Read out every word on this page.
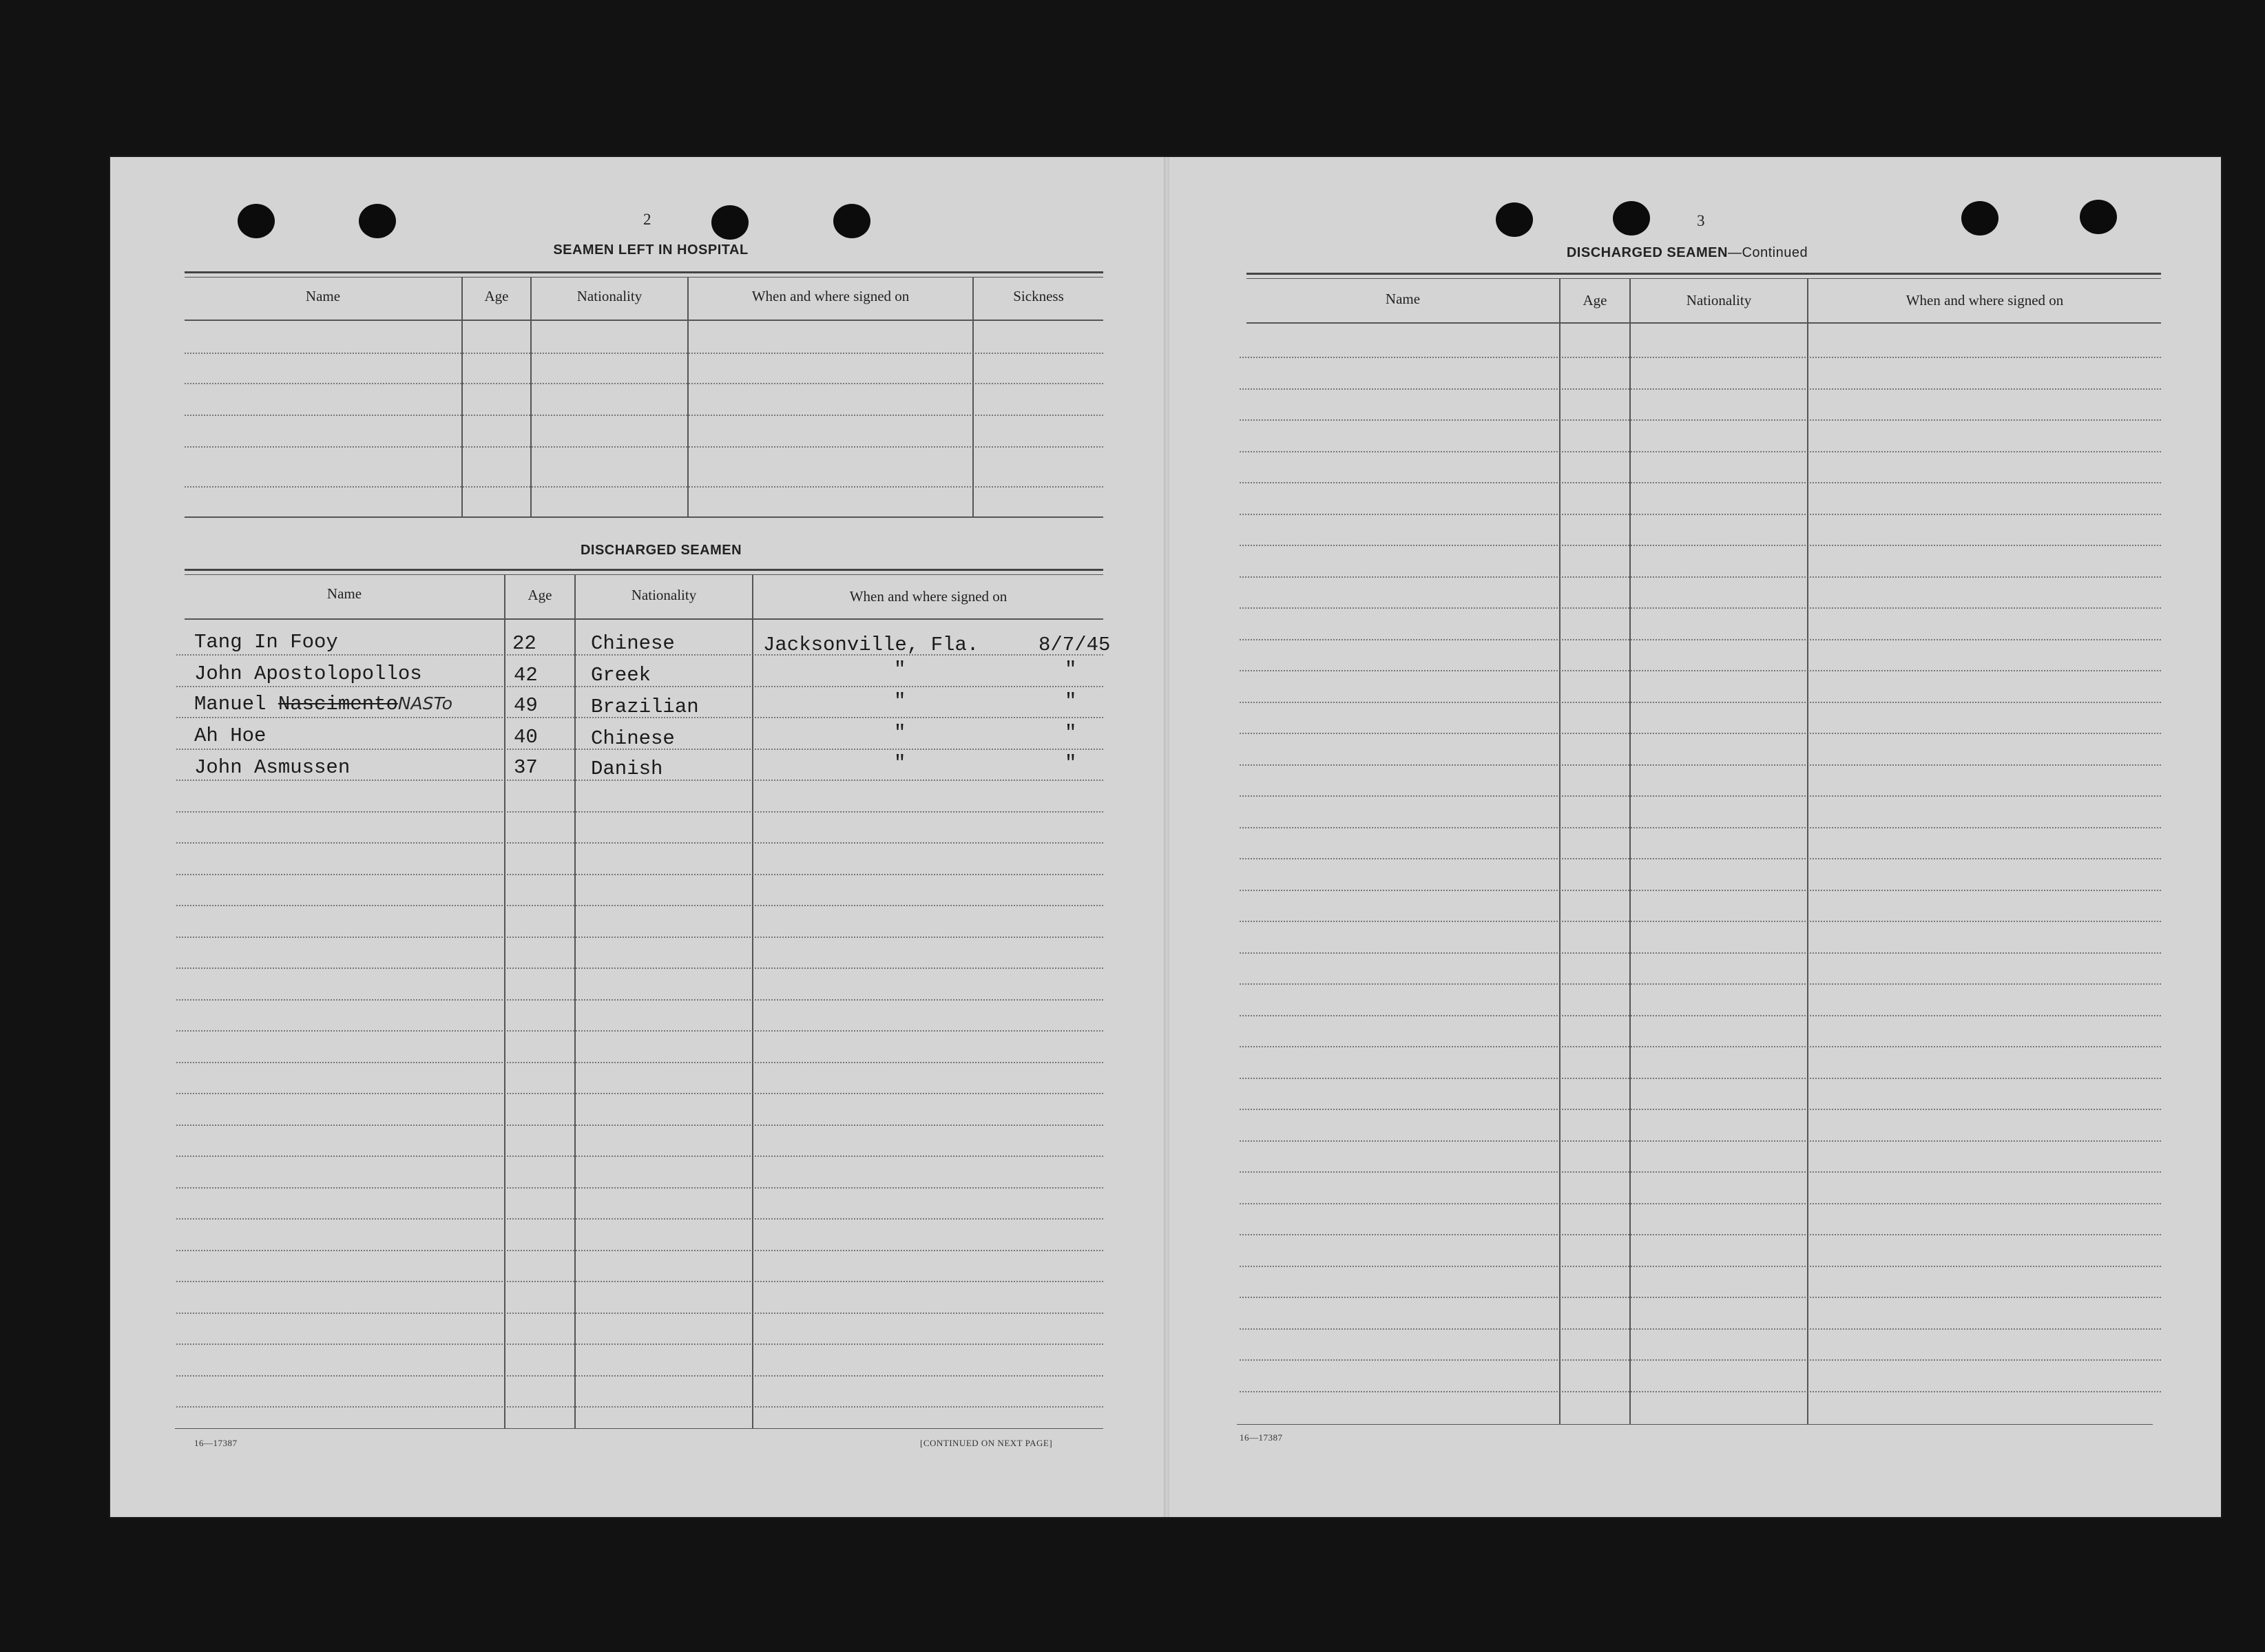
2
SEAMEN LEFT IN HOSPITAL
Name	Age	Nationality	When and where signed on	Sickness
DISCHARGED SEAMEN
Name	Age	Nationality	When and where signed on
Tang In Fooy	22	Chinese	Jacksonville, Fla.	8/7/45
John Apostolopollos	42	Greek	"	"
Manuel NascimentoNASTo	49	Brazilian	"	"
Ah Hoe	40	Chinese	"	"
John Asmussen	37	Danish	"	"
16—17387	[CONTINUED ON NEXT PAGE]
3
DISCHARGED SEAMEN—Continued
Name	Age	Nationality	When and where signed on
16—17387
